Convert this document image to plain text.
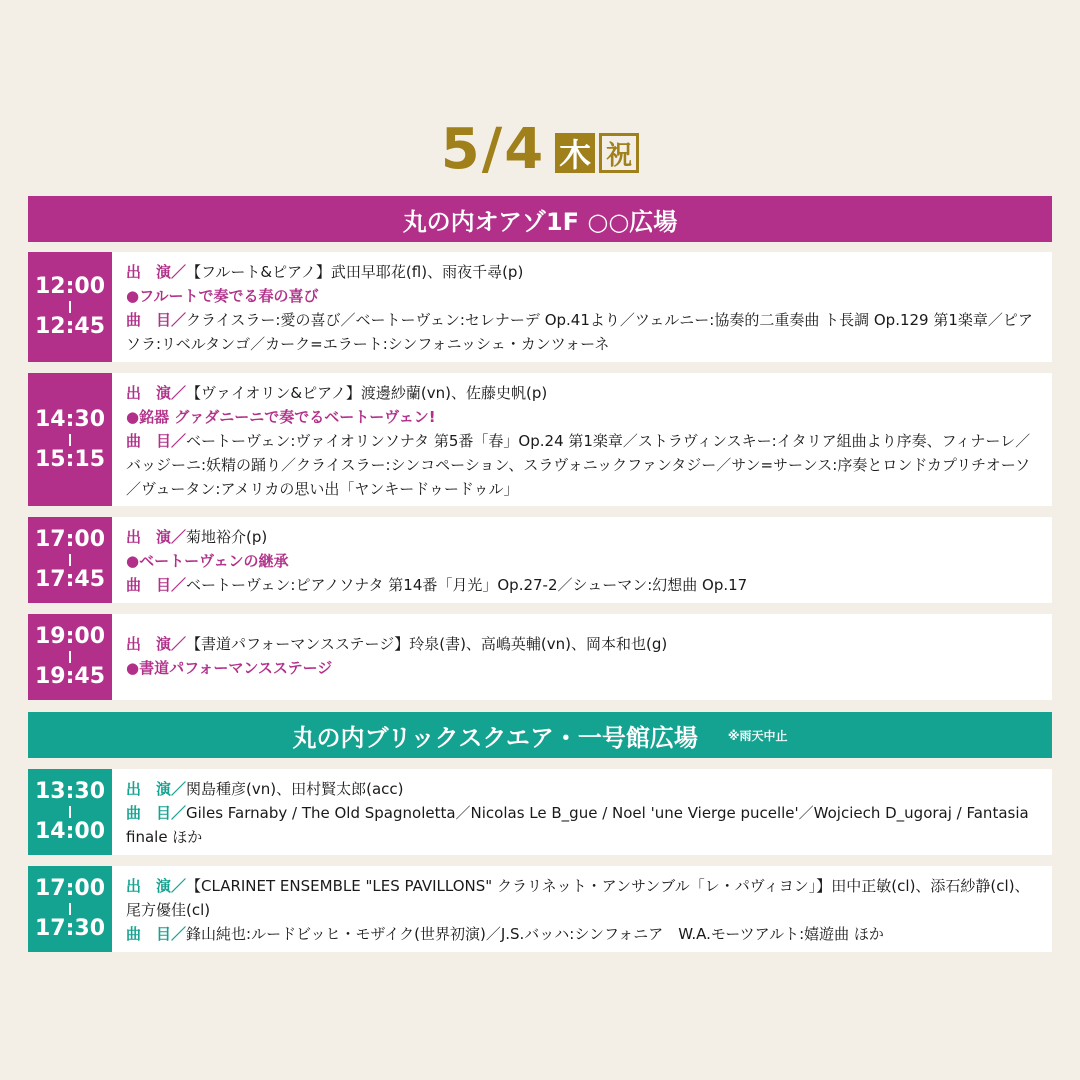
5/4 木 祝
丸の内オアゾ1F ○○広場
12:00
12:45
出　演／【フルート&ピアノ】武田早耶花(fl)、雨夜千尋(p)
●フルートで奏でる春の喜び
曲　目／クライスラー:愛の喜び／ベートーヴェン:セレナーデ Op.41より／ツェルニー:協奏的二重奏曲 ト長調 Op.129 第1楽章／ピアソラ:リベルタンゴ／カーク=エラート:シンフォニッシェ・カンツォーネ
14:30
15:15
出　演／【ヴァイオリン&ピアノ】渡邊紗蘭(vn)、佐藤史帆(p)
●銘器 グァダニーニで奏でるベートーヴェン!
曲　目／ベートーヴェン:ヴァイオリンソナタ 第5番「春」Op.24 第1楽章／ストラヴィンスキー:イタリア組曲より序奏、フィナーレ／バッジーニ:妖精の踊り／クライスラー:シンコペーション、スラヴォニックファンタジー／サン=サーンス:序奏とロンドカプリチオーソ／ヴュータン:アメリカの思い出「ヤンキードゥードゥル」
17:00
17:45
出　演／菊地裕介(p)
●ベートーヴェンの継承
曲　目／ベートーヴェン:ピアノソナタ 第14番「月光」Op.27-2／シューマン:幻想曲 Op.17
19:00
19:45
出　演／【書道パフォーマンスステージ】玲泉(書)、高嶋英輔(vn)、岡本和也(g)
●書道パフォーマンスステージ
丸の内ブリックスクエア・一号館広場	※雨天中止
13:30
14:00
出　演／関島種彦(vn)、田村賢太郎(acc)
曲　目／Giles Farnaby / The Old Spagnoletta／Nicolas Le B_gue / Noel 'une Vierge pucelle'／Wojciech D_ugoraj / Fantasia finale ほか
17:00
17:30
出　演／【CLARINET ENSEMBLE "LES PAVILLONS" クラリネット・アンサンブル「レ・パヴィヨン」】田中正敏(cl)、添石紗静(cl)、尾方優佳(cl)
曲　目／鋒山純也:ルードビッヒ・モザイク(世界初演)／J.S.バッハ:シンフォニア　W.A.モーツアルト:嬉遊曲 ほか
